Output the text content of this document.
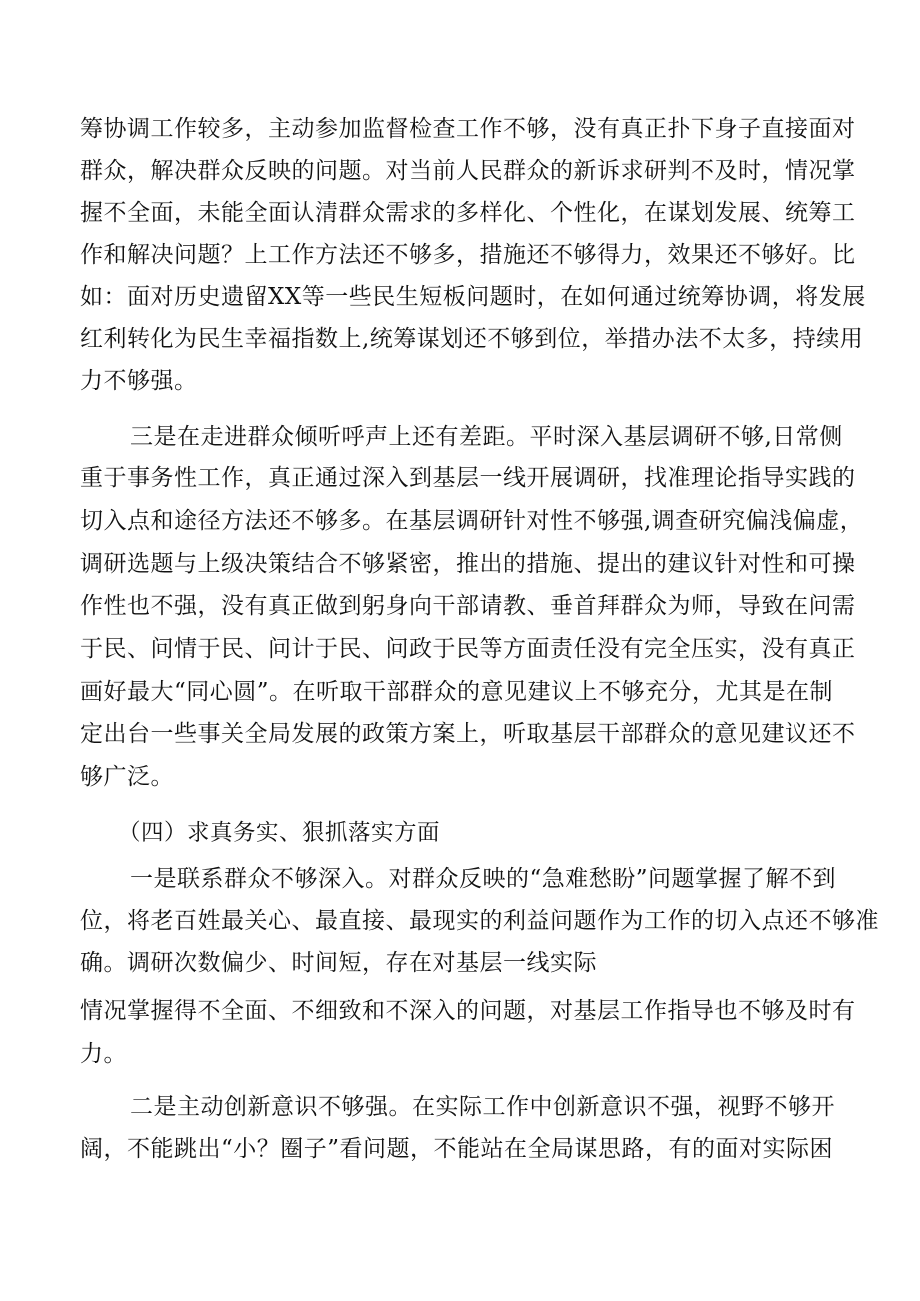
筹协调工作较多，主动参加监督检查工作不够，没有真正扑下身子直接面对
群众，解决群众反映的问题。对当前人民群众的新诉求研判不及时，情况掌
握不全面，未能全面认清群众需求的多样化、个性化，在谋划发展、统筹工
作和解决问题？上工作方法还不够多，措施还不够得力，效果还不够好。比
如：面对历史遗留XX等一些民生短板问题时，在如何通过统筹协调，将发展
红利转化为民生幸福指数上,统筹谋划还不够到位，举措办法不太多，持续用
力不够强。
三是在走进群众倾听呼声上还有差距。平时深入基层调研不够,日常侧
重于事务性工作，真正通过深入到基层一线开展调研，找准理论指导实践的
切入点和途径方法还不够多。在基层调研针对性不够强,调查研究偏浅偏虚，
调研选题与上级决策结合不够紧密，推出的措施、提出的建议针对性和可操
作性也不强，没有真正做到躬身向干部请教、垂首拜群众为师，导致在问需
于民、问情于民、问计于民、问政于民等方面责任没有完全压实，没有真正
画好最大“同心圆”。在听取干部群众的意见建议上不够充分，尤其是在制
定出台一些事关全局发展的政策方案上，听取基层干部群众的意见建议还不
够广泛。
（四）求真务实、狠抓落实方面
一是联系群众不够深入。对群众反映的“急难愁盼”问题掌握了解不到
位，将老百姓最关心、最直接、最现实的利益问题作为工作的切入点还不够准
确。调研次数偏少、时间短，存在对基层一线实际
情况掌握得不全面、不细致和不深入的问题，对基层工作指导也不够及时有
力。
二是主动创新意识不够强。在实际工作中创新意识不强，视野不够开
阔，不能跳出“小？圈子”看问题，不能站在全局谋思路，有的面对实际困
